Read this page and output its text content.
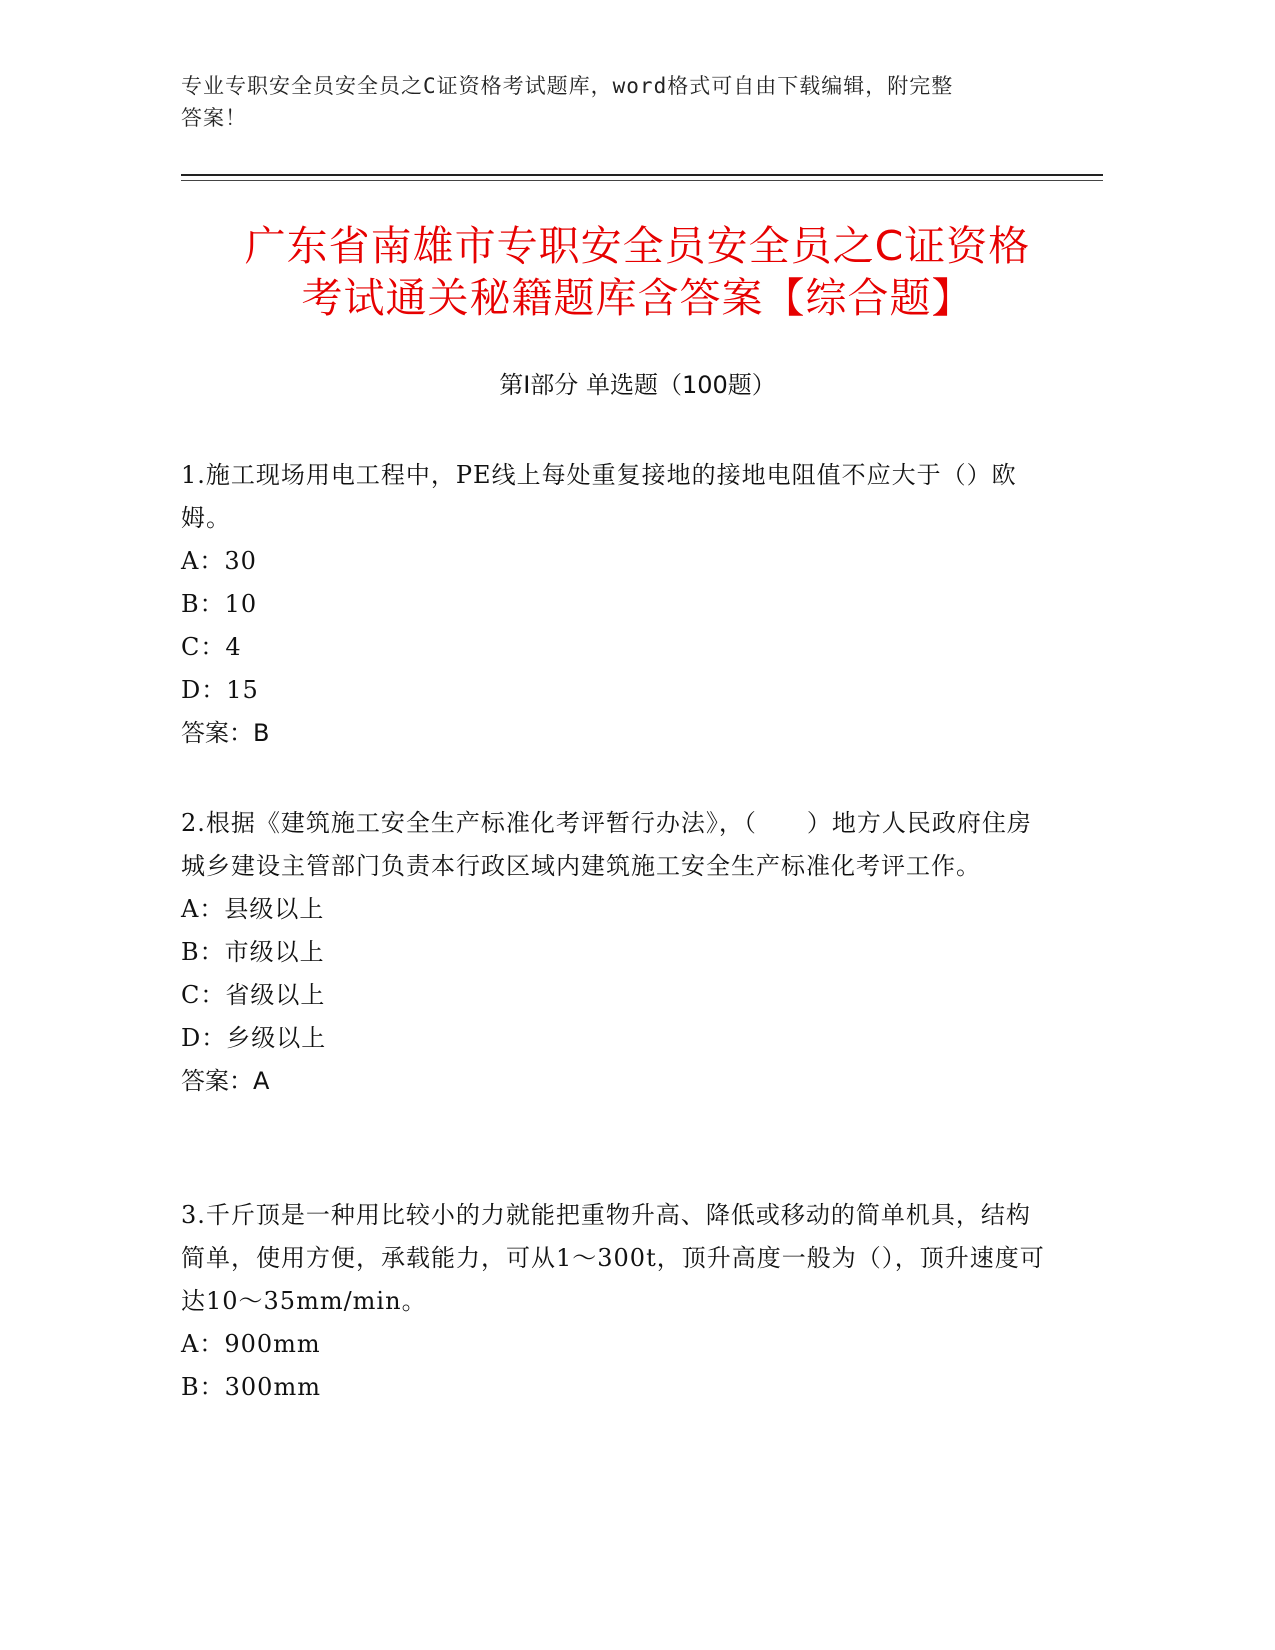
专业专职安全员安全员之C证资格考试题库，word格式可自由下载编辑，附完整
答案！
广东省南雄市专职安全员安全员之C证资格
考试通关秘籍题库含答案【综合题】
第Ⅰ部分 单选题（100题）

1.施工现场用电工程中，PE线上每处重复接地的接地电阻值不应大于（）欧姆。

A：30

B：10

C：4

D：15

答案：B

2.根据《建筑施工安全生产标准化考评暂行办法》，（　　）地方人民政府住房城乡建设主管部门负责本行政区域内建筑施工安全生产标准化考评工作。

A：县级以上

B：市级以上

C：省级以上

D：乡级以上

答案：A

3.千斤顶是一种用比较小的力就能把重物升高、降低或移动的简单机具，结构简单，使用方便，承载能力，可从1～300t，顶升高度一般为（），顶升速度可达10～35mm/min。

A：900mm

B：300mm
